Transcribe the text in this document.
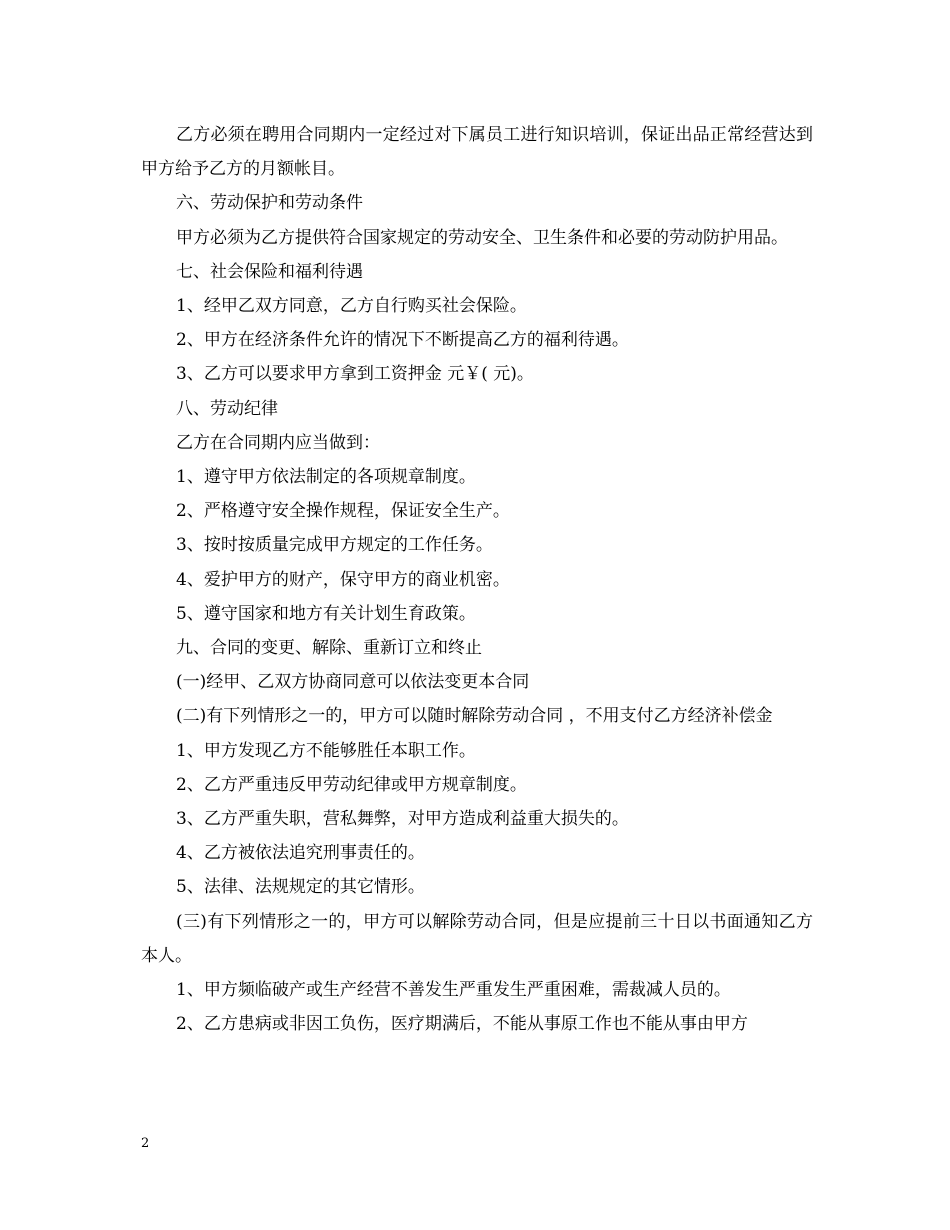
乙方必须在聘用合同期内一定经过对下属员工进行知识培训，保证出品正常经营达到甲方给予乙方的月额帐目。

六、劳动保护和劳动条件

甲方必须为乙方提供符合国家规定的劳动安全、卫生条件和必要的劳动防护用品。

七、社会保险和福利待遇

1、经甲乙双方同意，乙方自行购买社会保险。

2、甲方在经济条件允许的情况下不断提高乙方的福利待遇。

3、乙方可以要求甲方拿到工资押金 元￥( 元)。

八、劳动纪律

乙方在合同期内应当做到：

1、遵守甲方依法制定的各项规章制度。

2、严格遵守安全操作规程，保证安全生产。

3、按时按质量完成甲方规定的工作任务。

4、爱护甲方的财产，保守甲方的商业机密。

5、遵守国家和地方有关计划生育政策。

九、合同的变更、解除、重新订立和终止

(一)经甲、乙双方协商同意可以依法变更本合同

(二)有下列情形之一的，甲方可以随时解除劳动合同 ，不用支付乙方经济补偿金

1、甲方发现乙方不能够胜任本职工作。

2、乙方严重违反甲劳动纪律或甲方规章制度。

3、乙方严重失职，营私舞弊，对甲方造成利益重大损失的。

4、乙方被依法追究刑事责任的。

5、法律、法规规定的其它情形。

(三)有下列情形之一的，甲方可以解除劳动合同，但是应提前三十日以书面通知乙方本人。

1、甲方频临破产或生产经营不善发生严重发生严重困难，需裁减人员的。

2、乙方患病或非因工负伤，医疗期满后，不能从事原工作也不能从事由甲方

2
